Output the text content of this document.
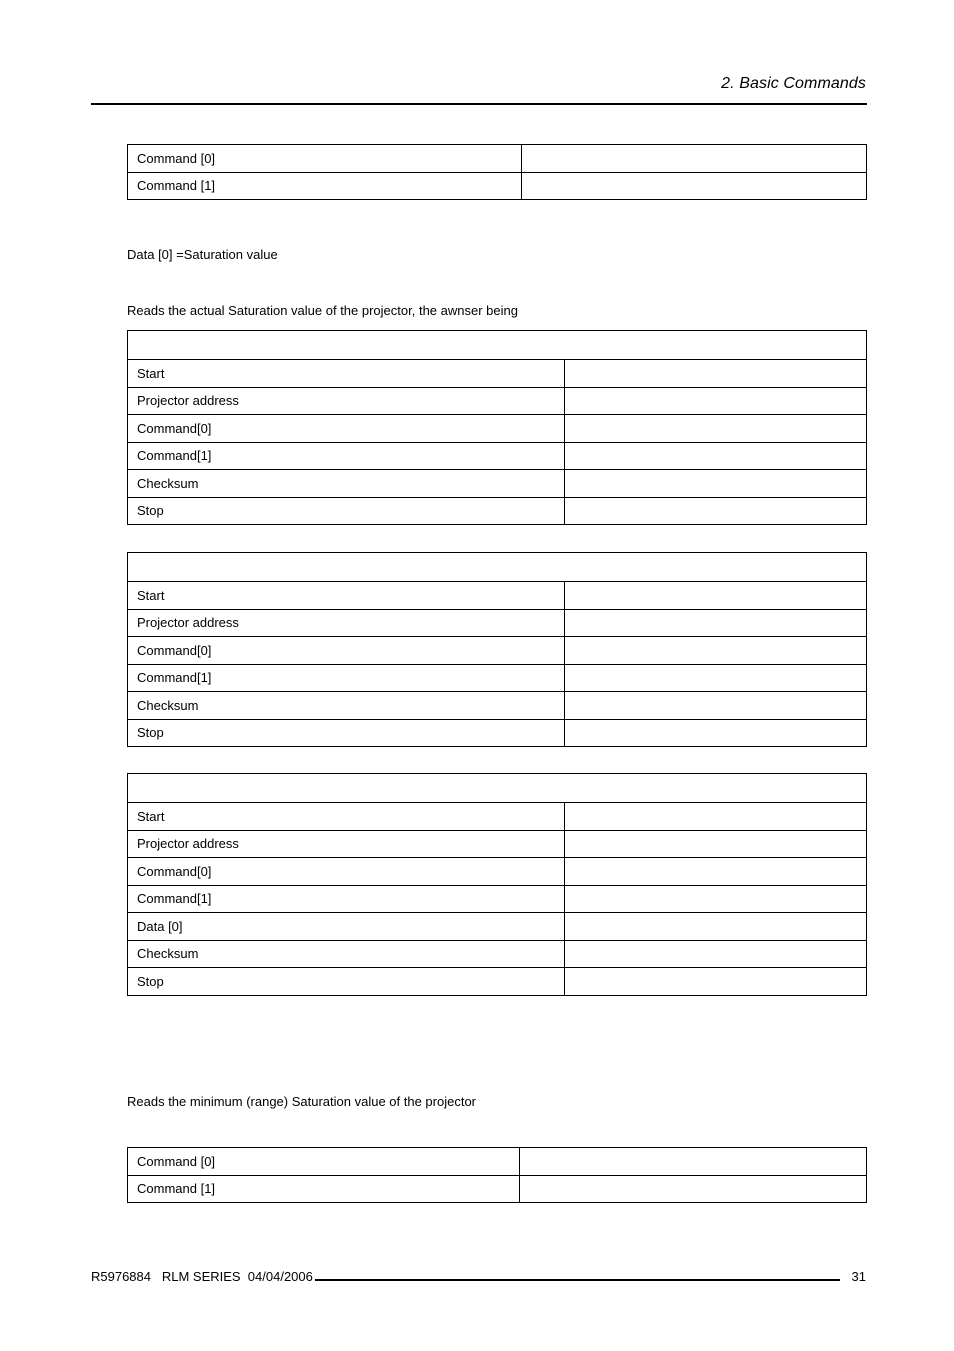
2. Basic Commands
Command [0]	
Command [1]	
Data [0] =Saturation value
Reads the actual Saturation value of the projector, the awnser being

Start	
Projector address	
Command[0]	
Command[1]	
Checksum	
Stop	

Start	
Projector address	
Command[0]	
Command[1]	
Checksum	
Stop	

Start	
Projector address	
Command[0]	
Command[1]	
Data [0]	
Checksum	
Stop	
Reads the minimum (range) Saturation value of the projector
Command [0]	
Command [1]	
R5976884   RLM SERIES  04/04/2006	31
